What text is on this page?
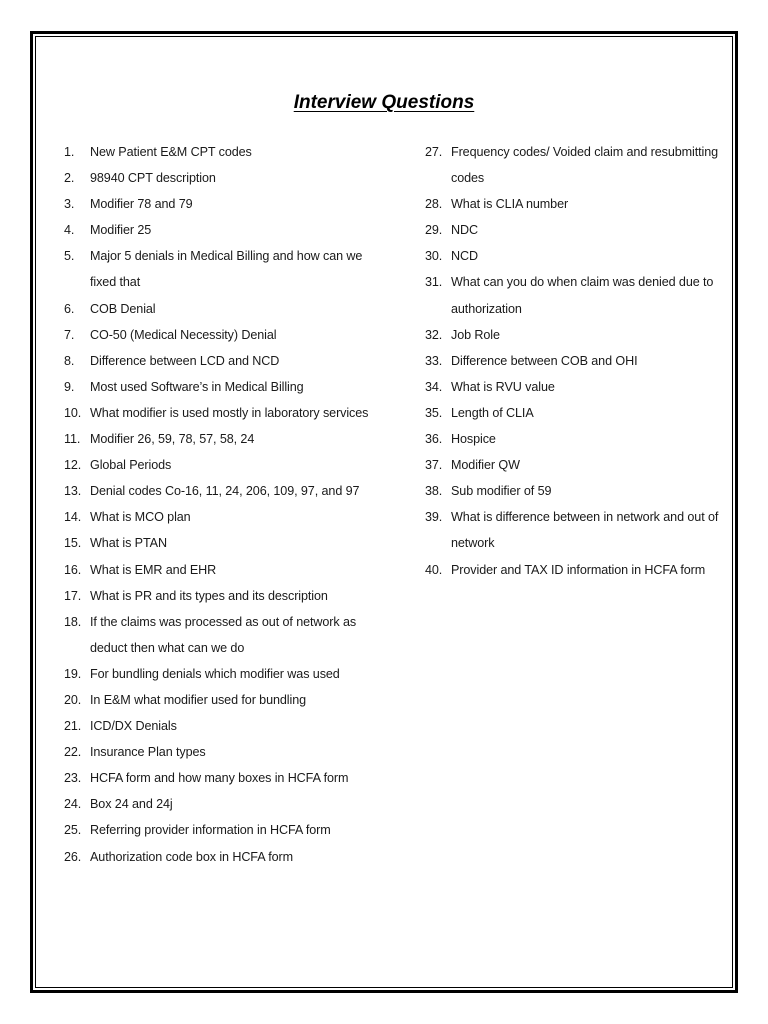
Interview Questions
1.	New Patient E&M CPT codes
2.	98940 CPT description
3.	Modifier 78 and 79
4.	Modifier 25
5.	Major 5 denials in Medical Billing and how can we fixed that
6.	COB Denial
7.	CO-50 (Medical Necessity) Denial
8.	Difference between LCD and NCD
9.	Most used Software’s in Medical Billing
10. What modifier is used mostly in laboratory services
11. Modifier 26, 59, 78, 57, 58, 24
12. Global Periods
13. Denial codes Co-16, 11, 24, 206, 109, 97, and 97
14. What is MCO plan
15. What is PTAN
16. What is EMR and EHR
17. What is PR and its types and its description
18. If the claims was processed as out of network as deduct then what can we do
19. For bundling denials which modifier was used
20. In E&M what modifier used for bundling
21. ICD/DX Denials
22. Insurance Plan types
23. HCFA form and how many boxes in HCFA form
24. Box 24 and 24j
25. Referring provider information in HCFA form
26. Authorization code box in HCFA form
27. Frequency codes/ Voided claim and resubmitting codes
28. What is CLIA number
29. NDC
30. NCD
31. What can you do when claim was denied due to authorization
32. Job Role
33. Difference between COB and OHI
34. What is RVU value
35. Length of CLIA
36. Hospice
37. Modifier QW
38. Sub modifier of 59
39. What is difference between in network and out of network
40. Provider and TAX ID information in HCFA form
